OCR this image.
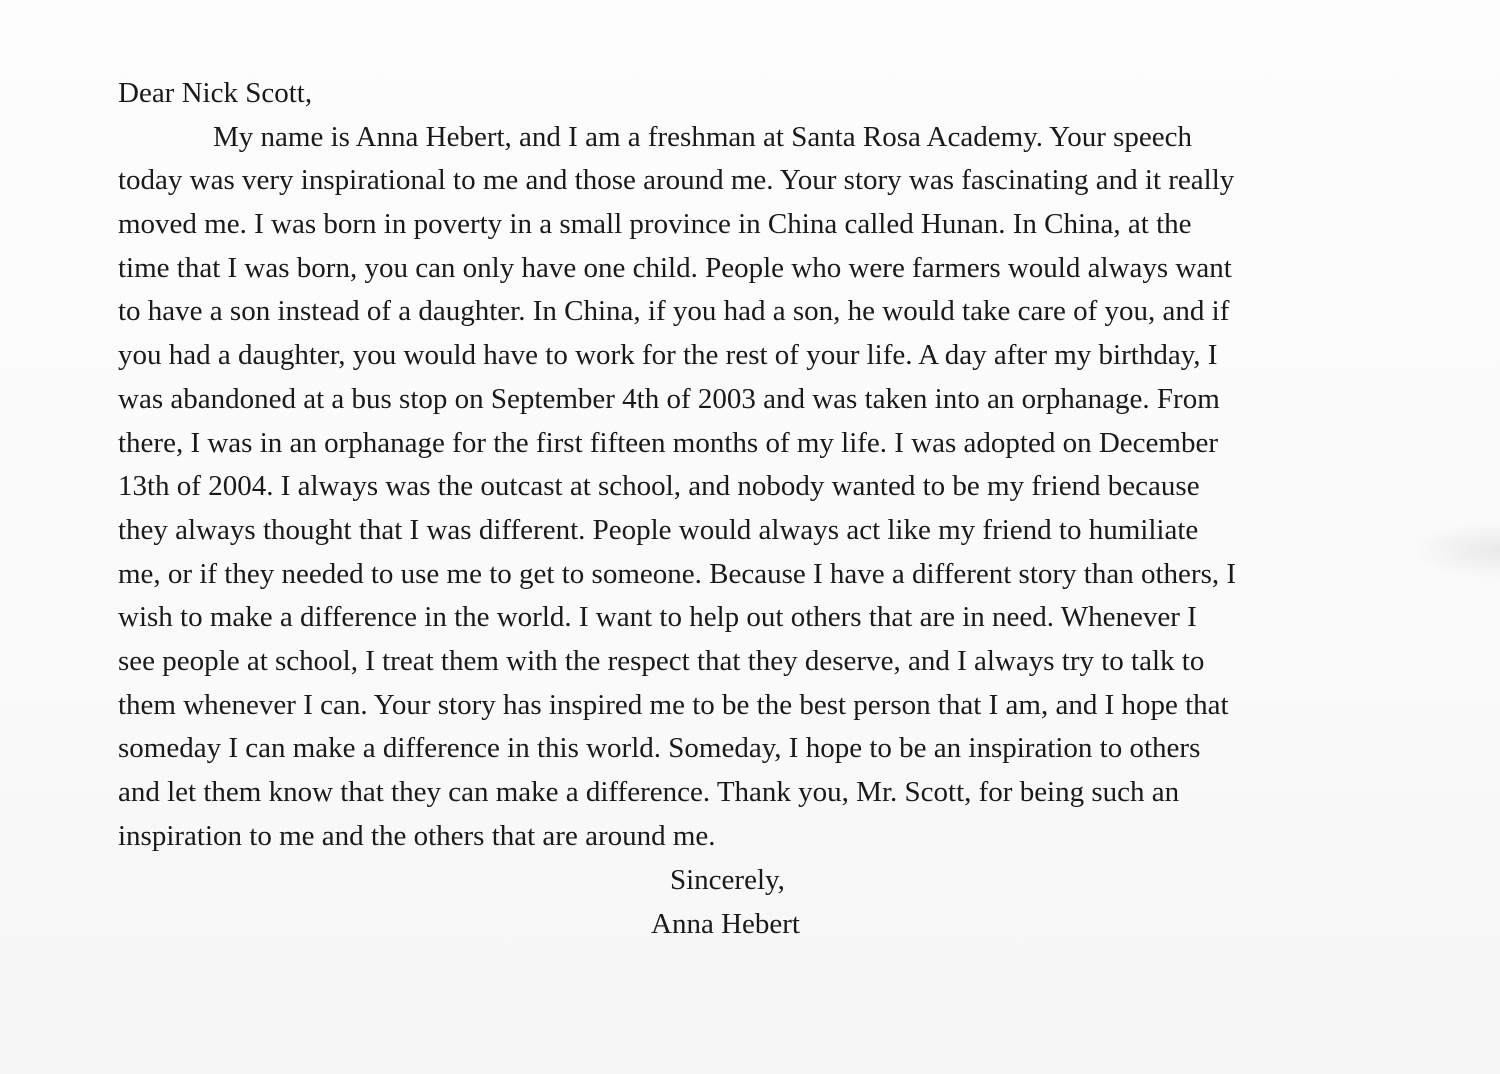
Dear Nick Scott,
My name is Anna Hebert, and I am a freshman at Santa Rosa Academy. Your speech
today was very inspirational to me and those around me. Your story was fascinating and it really
moved me. I was born in poverty in a small province in China called Hunan. In China, at the
time that I was born, you can only have one child. People who were farmers would always want
to have a son instead of a daughter. In China, if you had a son, he would take care of you, and if
you had a daughter, you would have to work for the rest of your life. A day after my birthday, I
was abandoned at a bus stop on September 4th of 2003 and was taken into an orphanage. From
there, I was in an orphanage for the first fifteen months of my life. I was adopted on December
13th of 2004. I always was the outcast at school, and nobody wanted to be my friend because
they always thought that I was different. People would always act like my friend to humiliate
me, or if they needed to use me to get to someone. Because I have a different story than others, I
wish to make a difference in the world. I want to help out others that are in need. Whenever I
see people at school, I treat them with the respect that they deserve, and I always try to talk to
them whenever I can. Your story has inspired me to be the best person that I am, and I hope that
someday I can make a difference in this world. Someday, I hope to be an inspiration to others
and let them know that they can make a difference. Thank you, Mr. Scott, for being such an
inspiration to me and the others that are around me.
Sincerely,
Anna Hebert
